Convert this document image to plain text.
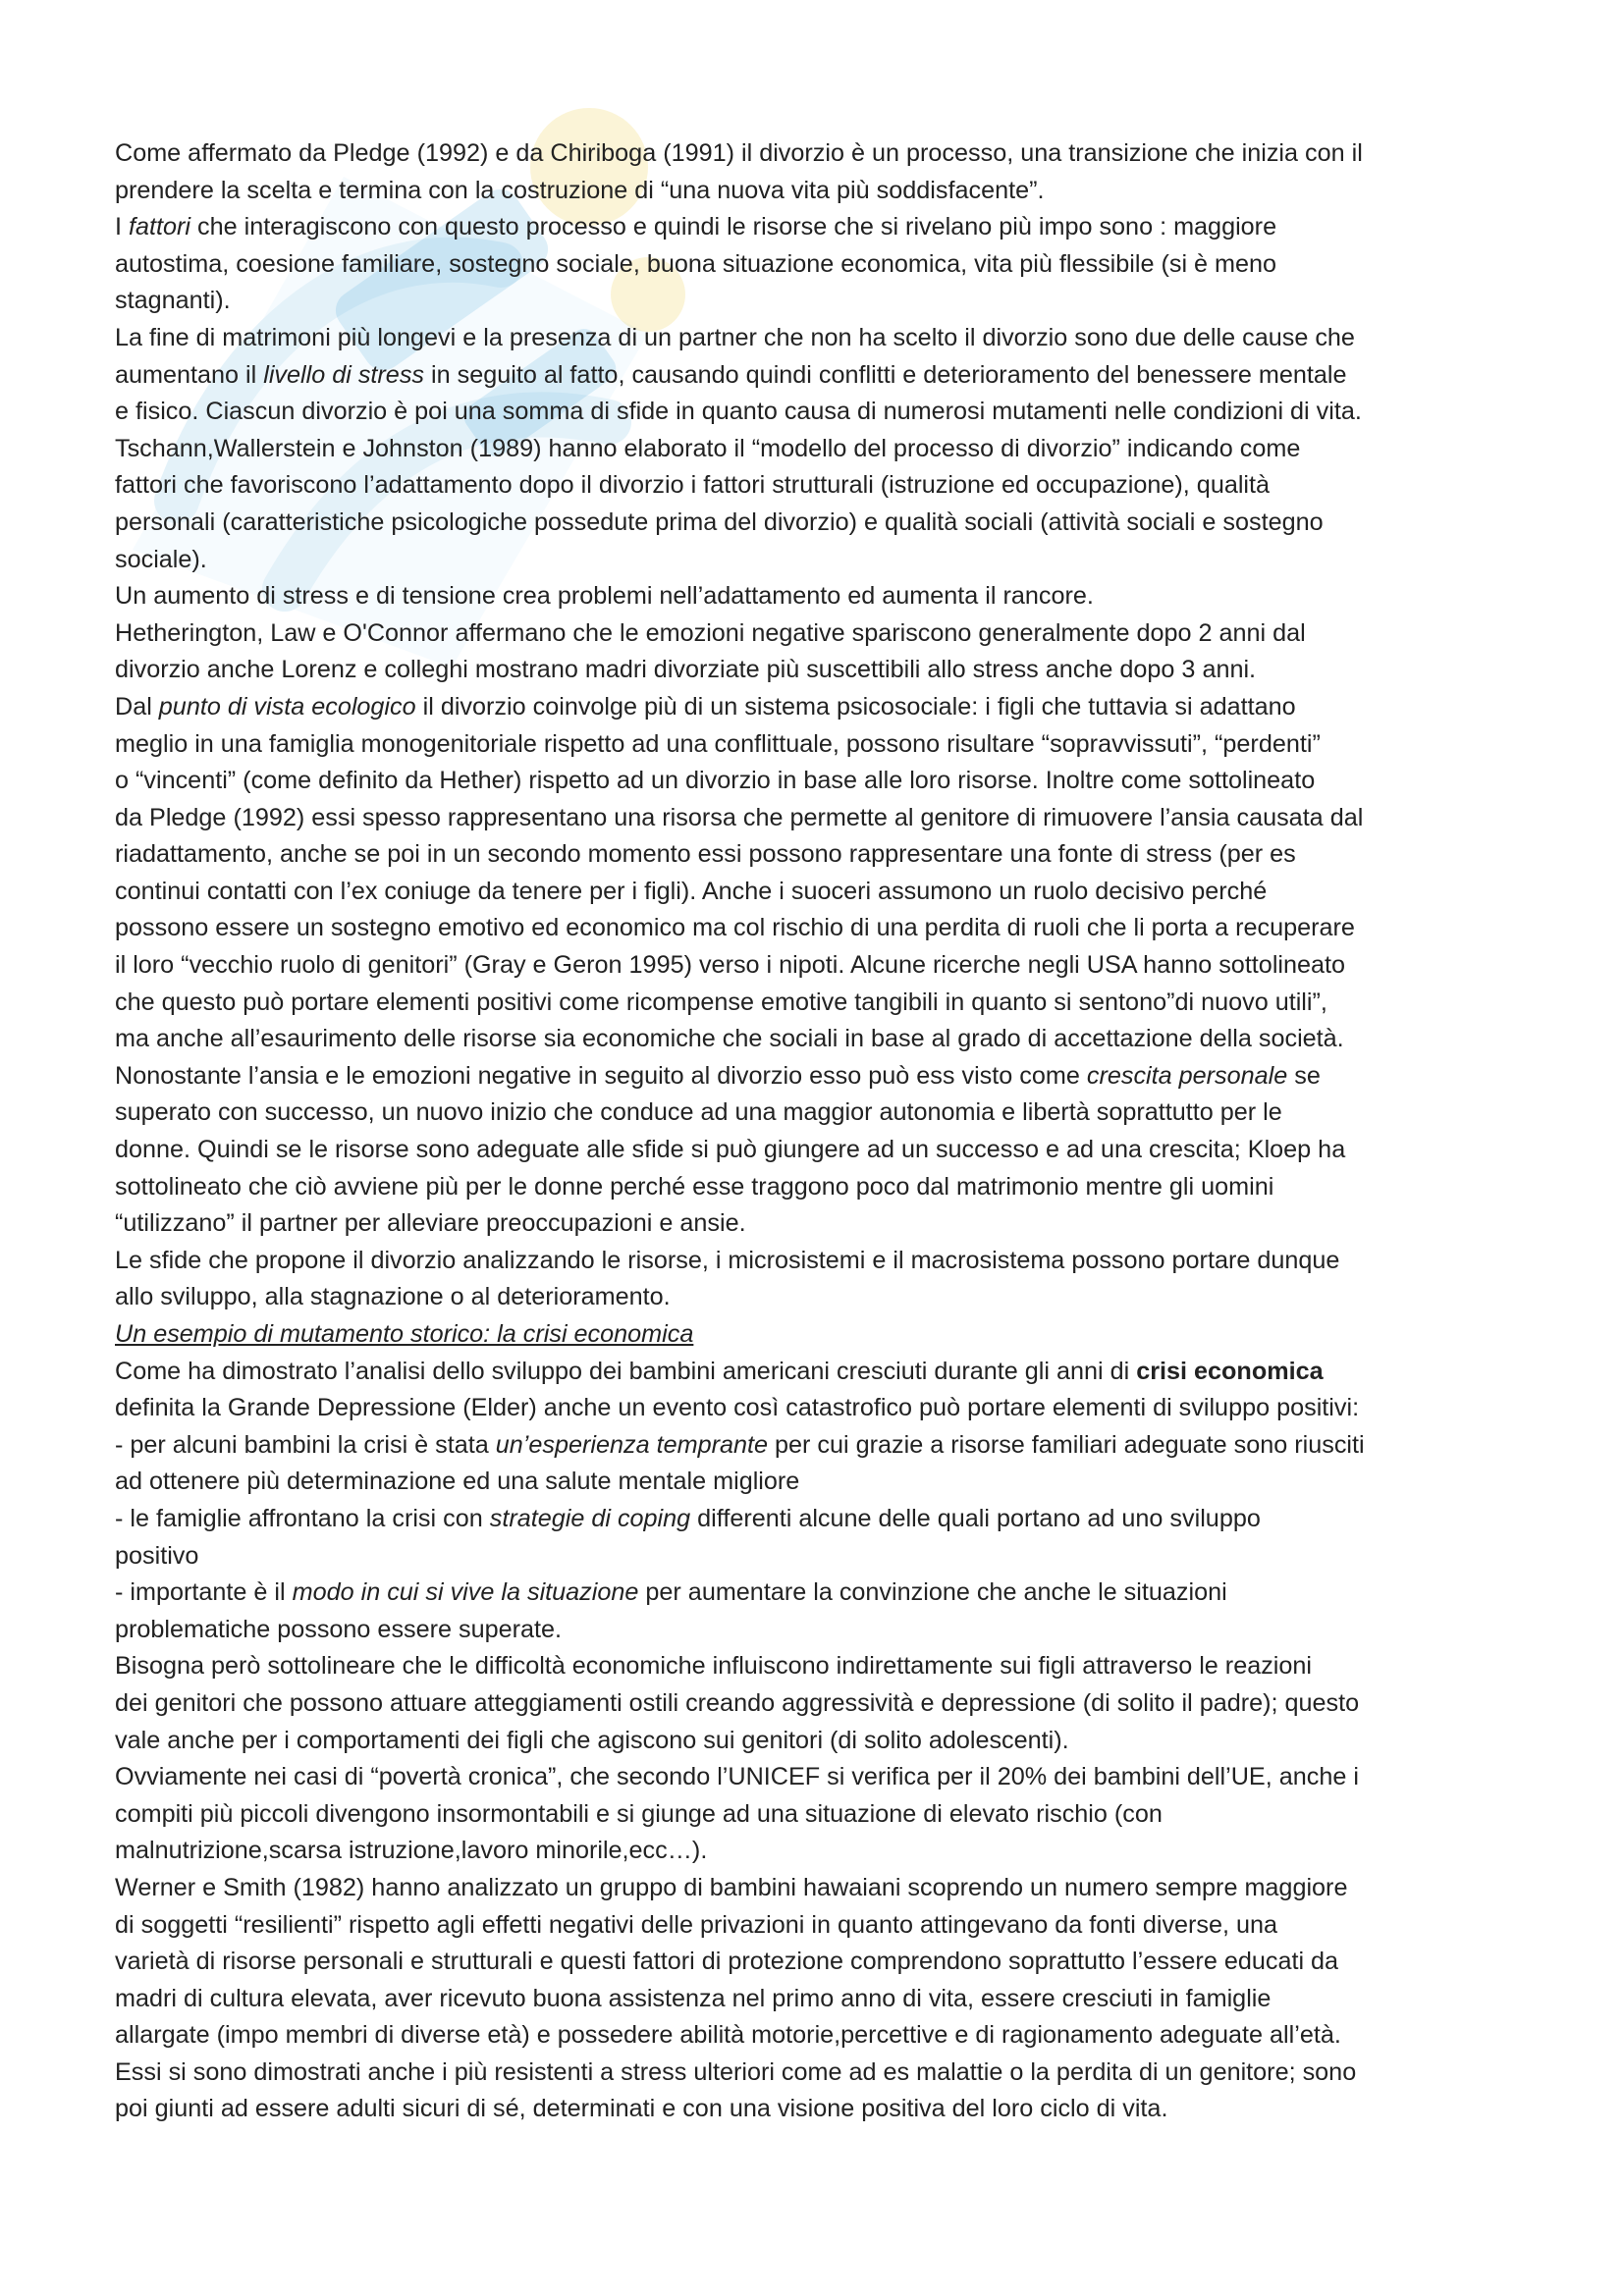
Come affermato da Pledge (1992) e da Chiriboga (1991) il divorzio è un processo, una transizione che inizia con il
prendere la scelta e termina con la costruzione di “una nuova vita più soddisfacente”.

I fattori che interagiscono con questo processo e quindi le risorse che si rivelano più impo sono : maggiore
autostima, coesione familiare, sostegno sociale, buona situazione economica, vita più flessibile (si è meno
stagnanti).

La fine di matrimoni più longevi e la presenza di un partner che non ha scelto il divorzio sono due delle cause che
aumentano il livello di stress in seguito al fatto, causando quindi conflitti e deterioramento del benessere mentale
e fisico. Ciascun divorzio è poi una somma di sfide in quanto causa di numerosi mutamenti nelle condizioni di vita.

Tschann,Wallerstein e Johnston (1989) hanno elaborato il “modello del processo di divorzio” indicando come
fattori che favoriscono l’adattamento dopo il divorzio i fattori strutturali (istruzione ed occupazione), qualità
personali (caratteristiche psicologiche possedute prima del divorzio) e qualità sociali (attività sociali e sostegno
sociale).

Un aumento di stress e di tensione crea problemi nell’adattamento ed aumenta il rancore.

Hetherington, Law e O'Connor affermano che le emozioni negative spariscono generalmente dopo 2 anni dal
divorzio anche Lorenz e colleghi mostrano madri divorziate più suscettibili allo stress anche dopo 3 anni.

Dal punto di vista ecologico il divorzio coinvolge più di un sistema psicosociale: i figli che tuttavia si adattano
meglio in una famiglia monogenitoriale rispetto ad una conflittuale, possono risultare “sopravvissuti”, “perdenti”
o “vincenti” (come definito da Hether) rispetto ad un divorzio in base alle loro risorse. Inoltre come sottolineato
da Pledge (1992) essi spesso rappresentano una risorsa che permette al genitore di rimuovere l’ansia causata dal
riadattamento, anche se poi in un secondo momento essi possono rappresentare una fonte di stress (per es
continui contatti con l’ex coniuge da tenere per i figli). Anche i suoceri assumono un ruolo decisivo perché
possono essere un sostegno emotivo ed economico ma col rischio di una perdita di ruoli che li porta a recuperare
il loro “vecchio ruolo di genitori” (Gray e Geron 1995) verso i nipoti. Alcune ricerche negli USA hanno sottolineato
che questo può portare elementi positivi come ricompense emotive tangibili in quanto si sentono”di nuovo utili”,
ma anche all’esaurimento delle risorse sia economiche che sociali in base al grado di accettazione della società.

Nonostante l’ansia e le emozioni negative in seguito al divorzio esso può ess visto come crescita personale se
superato con successo, un nuovo inizio che conduce ad una maggior autonomia e libertà soprattutto per le
donne. Quindi se le risorse sono adeguate alle sfide si può giungere ad un successo e ad una crescita; Kloep ha
sottolineato che ciò avviene più per le donne perché esse traggono poco dal matrimonio mentre gli uomini
“utilizzano” il partner per alleviare preoccupazioni e ansie.

Le sfide che propone il divorzio analizzando le risorse, i microsistemi e il macrosistema possono portare dunque
allo sviluppo, alla stagnazione o al deterioramento.

Un esempio di mutamento storico: la crisi economica

Come ha dimostrato l’analisi dello sviluppo dei bambini americani cresciuti durante gli anni di crisi economica
definita la Grande Depressione (Elder) anche un evento così catastrofico può portare elementi di sviluppo positivi:
- per alcuni bambini la crisi è stata un’esperienza temprante per cui grazie a risorse familiari adeguate sono riusciti
ad ottenere più determinazione ed una salute mentale migliore
- le famiglie affrontano la crisi con strategie di coping differenti alcune delle quali portano ad uno sviluppo
positivo
- importante è il modo in cui si vive la situazione per aumentare la convinzione che anche le situazioni
problematiche possono essere superate.

Bisogna però sottolineare che le difficoltà economiche influiscono indirettamente sui figli attraverso le reazioni
dei genitori che possono attuare atteggiamenti ostili creando aggressività e depressione (di solito il padre); questo
vale anche per i comportamenti dei figli che agiscono sui genitori (di solito adolescenti).

Ovviamente nei casi di “povertà cronica”, che secondo l’UNICEF si verifica per il 20% dei bambini dell’UE, anche i
compiti più piccoli divengono insormontabili e si giunge ad una situazione di elevato rischio (con
malnutrizione,scarsa istruzione,lavoro minorile,ecc…).

Werner e Smith (1982) hanno analizzato un gruppo di bambini hawaiani scoprendo un numero sempre maggiore
di soggetti “resilienti” rispetto agli effetti negativi delle privazioni in quanto attingevano da fonti diverse, una
varietà di risorse personali e strutturali e questi fattori di protezione comprendono soprattutto l’essere educati da
madri di cultura elevata, aver ricevuto buona assistenza nel primo anno di vita, essere cresciuti in famiglie
allargate (impo membri di diverse età) e possedere abilità motorie,percettive e di ragionamento adeguate all’età.
Essi si sono dimostrati anche i più resistenti a stress ulteriori come ad es malattie o la perdita di un genitore; sono
poi giunti ad essere adulti sicuri di sé, determinati e con una visione positiva del loro ciclo di vita.
